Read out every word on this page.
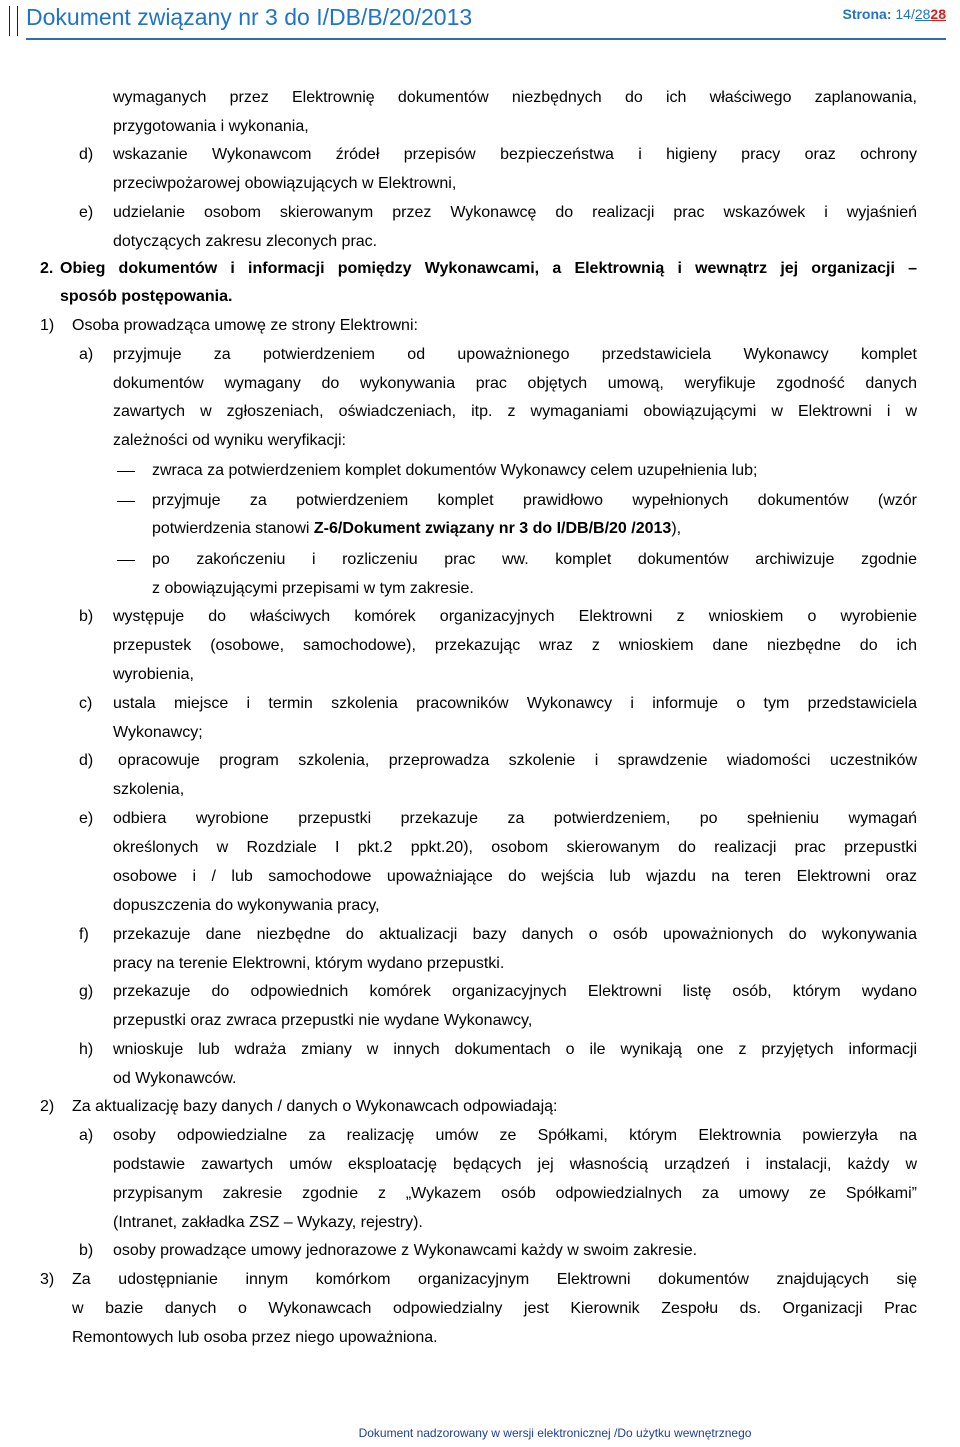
Dokument związany nr 3 do I/DB/B/20/2013	Strona: 14/2828
wymaganych przez Elektrownię dokumentów niezbędnych do ich właściwego zaplanowania,
przygotowania i wykonania,
d) wskazanie Wykonawcom źródeł przepisów bezpieczeństwa i higieny pracy oraz ochrony
przeciwpożarowej obowiązujących w Elektrowni,
e) udzielanie osobom skierowanym przez Wykonawcę do realizacji prac wskazówek i wyjaśnień
dotyczących zakresu zleconych prac.
2. Obieg dokumentów i informacji pomiędzy Wykonawcami, a Elektrownią i wewnątrz jej organizacji –
sposób postępowania.
1) Osoba prowadząca umowę ze strony Elektrowni:
a) przyjmuje za potwierdzeniem od upoważnionego przedstawiciela Wykonawcy komplet
dokumentów wymagany do wykonywania prac objętych umową, weryfikuje zgodność danych
zawartych w zgłoszeniach, oświadczeniach, itp. z wymaganiami obowiązującymi w Elektrowni i w
zależności od wyniku weryfikacji:
zwraca za potwierdzeniem komplet dokumentów Wykonawcy celem uzupełnienia lub;
przyjmuje za potwierdzeniem komplet prawidłowo wypełnionych dokumentów (wzór
potwierdzenia stanowi Z-6/Dokument związany nr 3 do I/DB/B/20 /2013),
po zakończeniu i rozliczeniu prac ww. komplet dokumentów archiwizuje zgodnie
z obowiązującymi przepisami w tym zakresie.
b) występuje do właściwych komórek organizacyjnych Elektrowni z wnioskiem o wyrobienie
przepustek (osobowe, samochodowe), przekazując wraz z wnioskiem dane niezbędne do ich
wyrobienia,
c) ustala miejsce i termin szkolenia pracowników Wykonawcy i informuje o tym przedstawiciela
Wykonawcy;
d) opracowuje program szkolenia, przeprowadza szkolenie i sprawdzenie wiadomości uczestników
szkolenia,
e) odbiera wyrobione przepustki przekazuje za potwierdzeniem, po spełnieniu wymagań
określonych w Rozdziale I pkt.2 ppkt.20), osobom skierowanym do realizacji prac przepustki
osobowe i / lub samochodowe upoważniające do wejścia lub wjazdu na teren Elektrowni oraz
dopuszczenia do wykonywania pracy,
f) przekazuje dane niezbędne do aktualizacji bazy danych o osób upoważnionych do wykonywania
pracy na terenie Elektrowni, którym wydano przepustki.
g) przekazuje do odpowiednich komórek organizacyjnych Elektrowni listę osób, którym wydano
przepustki oraz zwraca przepustki nie wydane Wykonawcy,
h) wnioskuje lub wdraża zmiany w innych dokumentach o ile wynikają one z przyjętych informacji
od Wykonawców.
2) Za aktualizację bazy danych / danych o Wykonawcach odpowiadają:
a) osoby odpowiedzialne za realizację umów ze Spółkami, którym Elektrownia powierzyła na
podstawie zawartych umów eksploatację będących jej własnością urządzeń i instalacji, każdy w
przypisanym zakresie zgodnie z „Wykazem osób odpowiedzialnych za umowy ze Spółkami”
(Intranet, zakładka ZSZ – Wykazy, rejestry).
b) osoby prowadzące umowy jednorazowe z Wykonawcami każdy w swoim zakresie.
3) Za udostępnianie innym komórkom organizacyjnym Elektrowni dokumentów znajdujących się
w bazie danych o Wykonawcach odpowiedzialny jest Kierownik Zespołu ds. Organizacji Prac
Remontowych lub osoba przez niego upoważniona.
Dokument nadzorowany w wersji elektronicznej /Do użytku wewnętrznego
